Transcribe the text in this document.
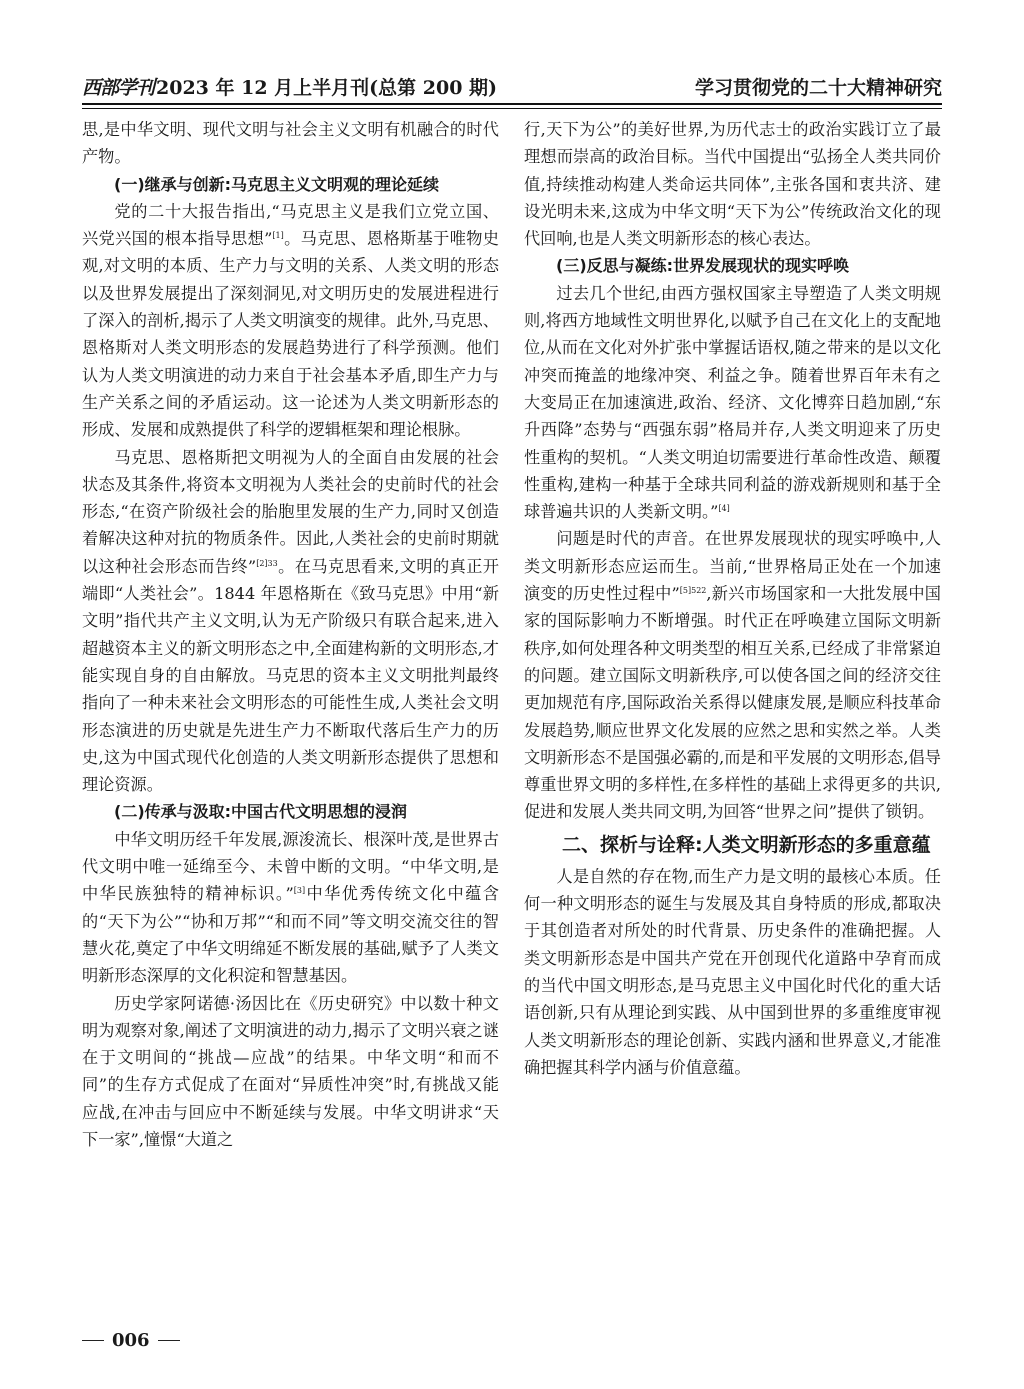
西部学刊 2023 年 12 月上半月刊(总第 200 期)	学习贯彻党的二十大精神研究

思,是中华文明、现代文明与社会主义文明有机融合的时代产物。

(一)继承与创新:马克思主义文明观的理论延续

党的二十大报告指出,“马克思主义是我们立党立国、兴党兴国的根本指导思想”[1]。马克思、恩格斯基于唯物史观,对文明的本质、生产力与文明的关系、人类文明的形态以及世界发展提出了深刻洞见,对文明历史的发展进程进行了深入的剖析,揭示了人类文明演变的规律。此外,马克思、恩格斯对人类文明形态的发展趋势进行了科学预测。他们认为人类文明演进的动力来自于社会基本矛盾,即生产力与生产关系之间的矛盾运动。这一论述为人类文明新形态的形成、发展和成熟提供了科学的逻辑框架和理论根脉。

马克思、恩格斯把文明视为人的全面自由发展的社会状态及其条件,将资本文明视为人类社会的史前时代的社会形态,“在资产阶级社会的胎胞里发展的生产力,同时又创造着解决这种对抗的物质条件。因此,人类社会的史前时期就以这种社会形态而告终”$^{[2]33}$。在马克思看来,文明的真正开端即“人类社会”。1844 年恩格斯在《致马克思》中用“新文明”指代共产主义文明,认为无产阶级只有联合起来,进入超越资本主义的新文明形态之中,全面建构新的文明形态,才能实现自身的自由解放。马克思的资本主义文明批判最终指向了一种未来社会文明形态的可能性生成,人类社会文明形态演进的历史就是先进生产力不断取代落后生产力的历史,这为中国式现代化创造的人类文明新形态提供了思想和理论资源。

(二)传承与汲取:中国古代文明思想的浸润

中华文明历经千年发展,源浚流长、根深叶茂,是世界古代文明中唯一延绵至今、未曾中断的文明。“中华文明,是中华民族独特的精神标识。”[3]中华优秀传统文化中蕴含的“天下为公”“协和万邦”“和而不同”等文明交流交往的智慧火花,奠定了中华文明绵延不断发展的基础,赋予了人类文明新形态深厚的文化积淀和智慧基因。

历史学家阿诺德·汤因比在《历史研究》中以数十种文明为观察对象,阐述了文明演进的动力,揭示了文明兴衰之谜在于文明间的“挑战—应战”的结果。中华文明“和而不同”的生存方式促成了在面对“异质性冲突”时,有挑战又能应战,在冲击与回应中不断延续与发展。中华文明讲求“天下一家”,憧憬“大道之

行,天下为公”的美好世界,为历代志士的政治实践订立了最理想而崇高的政治目标。当代中国提出“弘扬全人类共同价值,持续推动构建人类命运共同体”,主张各国和衷共济、建设光明未来,这成为中华文明“天下为公”传统政治文化的现代回响,也是人类文明新形态的核心表达。

(三)反思与凝练:世界发展现状的现实呼唤

过去几个世纪,由西方强权国家主导塑造了人类文明规则,将西方地域性文明世界化,以赋予自己在文化上的支配地位,从而在文化对外扩张中掌握话语权,随之带来的是以文化冲突而掩盖的地缘冲突、利益之争。随着世界百年未有之大变局正在加速演进,政治、经济、文化博弈日趋加剧,“东升西降”态势与“西强东弱”格局并存,人类文明迎来了历史性重构的契机。“人类文明迫切需要进行革命性改造、颠覆性重构,建构一种基于全球共同利益的游戏新规则和基于全球普遍共识的人类新文明。”[4]

问题是时代的声音。在世界发展现状的现实呼唤中,人类文明新形态应运而生。当前,“世界格局正处在一个加速演变的历史性过程中”$^{[5]522}$,新兴市场国家和一大批发展中国家的国际影响力不断增强。时代正在呼唤建立国际文明新秩序,如何处理各种文明类型的相互关系,已经成了非常紧迫的问题。建立国际文明新秩序,可以使各国之间的经济交往更加规范有序,国际政治关系得以健康发展,是顺应科技革命发展趋势,顺应世界文化发展的应然之思和实然之举。人类文明新形态不是国强必霸的,而是和平发展的文明形态,倡导尊重世界文明的多样性,在多样性的基础上求得更多的共识,促进和发展人类共同文明,为回答“世界之问”提供了锁钥。

二、探析与诠释:人类文明新形态的多重意蕴

人是自然的存在物,而生产力是文明的最核心本质。任何一种文明形态的诞生与发展及其自身特质的形成,都取决于其创造者对所处的时代背景、历史条件的准确把握。人类文明新形态是中国共产党在开创现代化道路中孕育而成的当代中国文明形态,是马克思主义中国化时代化的重大话语创新,只有从理论到实践、从中国到世界的多重维度审视人类文明新形态的理论创新、实践内涵和世界意义,才能准确把握其科学内涵与价值意蕴。

006
